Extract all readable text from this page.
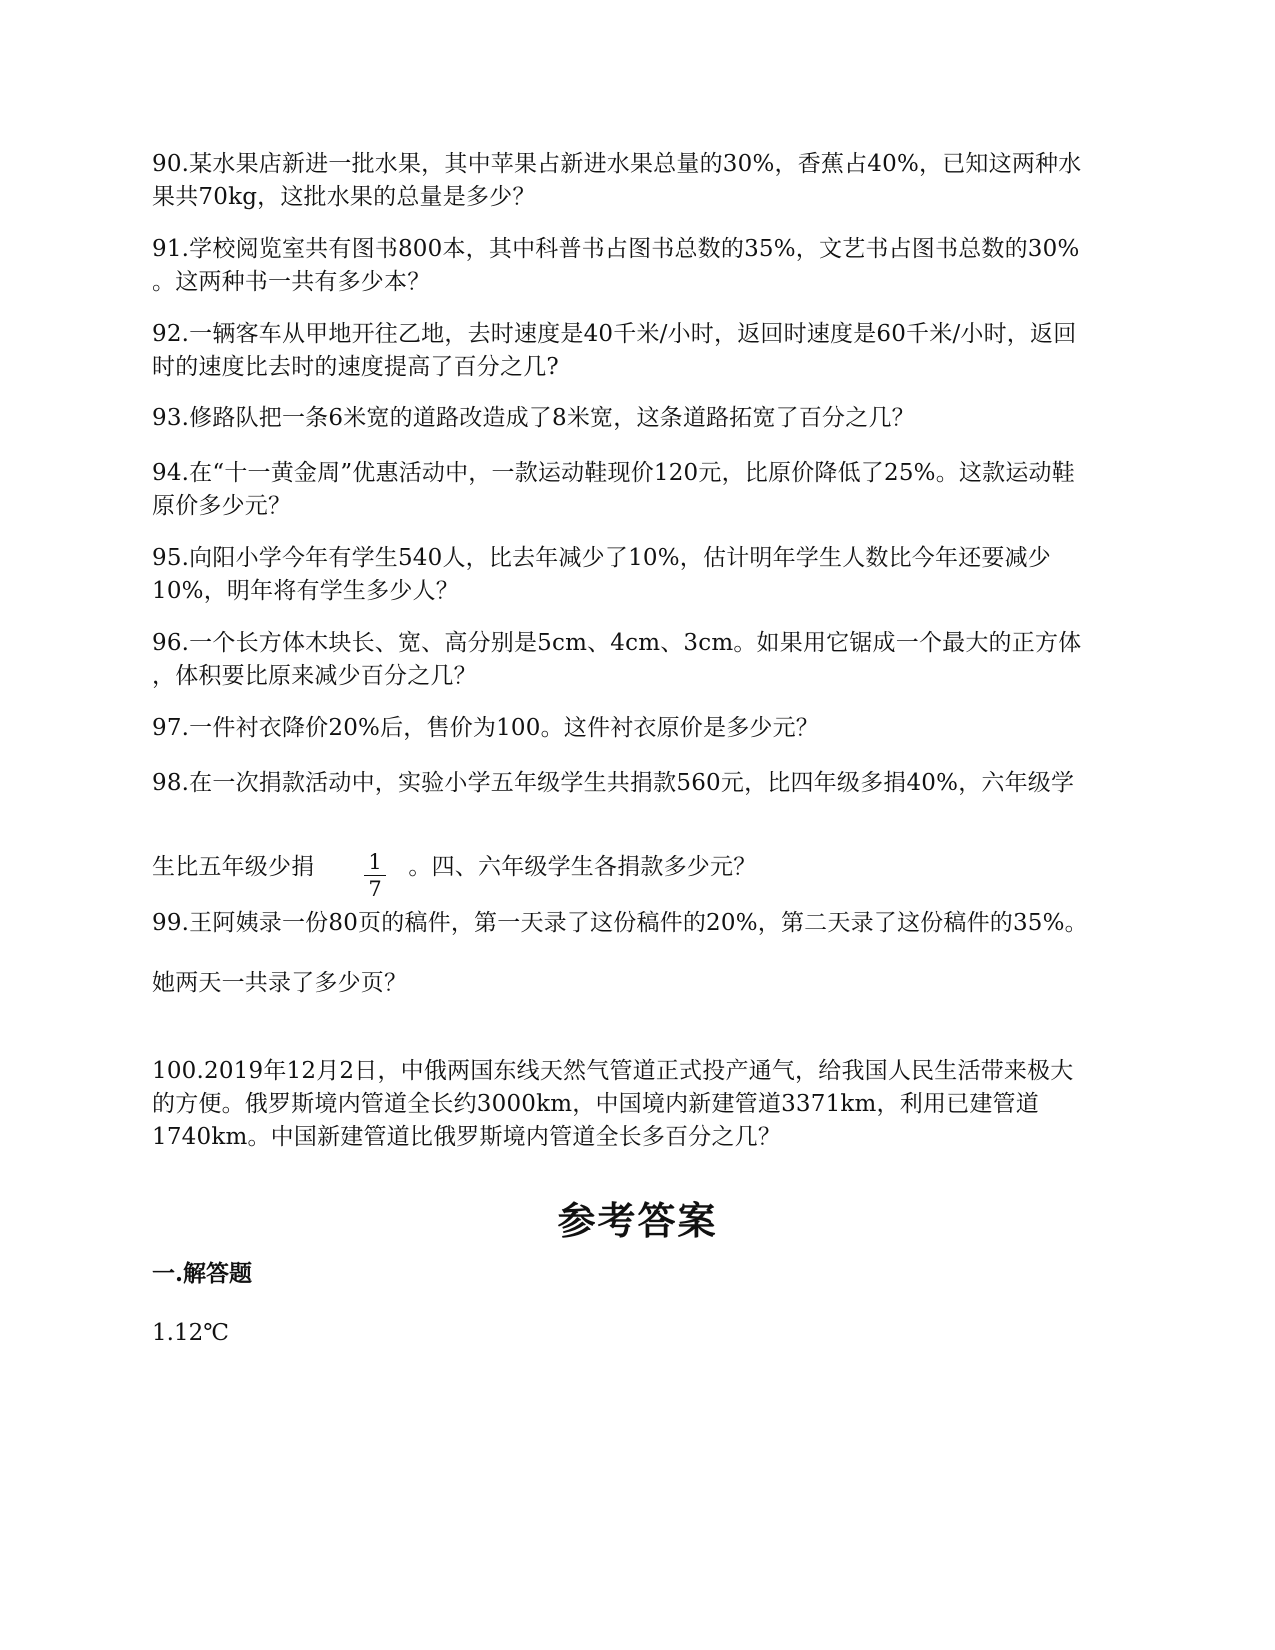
90.某水果店新进一批水果，其中苹果占新进水果总量的30%，香蕉占40%，已知这两种水
果共70kg，这批水果的总量是多少？
91.学校阅览室共有图书800本，其中科普书占图书总数的35%，文艺书占图书总数的30%
。这两种书一共有多少本？
92.一辆客车从甲地开往乙地，去时速度是40千米/小时，返回时速度是60千米/小时，返回
时的速度比去时的速度提高了百分之几?
93.修路队把一条6米宽的道路改造成了8米宽，这条道路拓宽了百分之几？
94.在“十一黄金周”优惠活动中，一款运动鞋现价120元，比原价降低了25%。这款运动鞋
原价多少元？
95.向阳小学今年有学生540人，比去年减少了10%，估计明年学生人数比今年还要减少
10%，明年将有学生多少人？
96.一个长方体木块长、宽、高分别是5cm、4cm、3cm。如果用它锯成一个最大的正方体
，体积要比原来减少百分之几？
97.一件衬衣降价20%后，售价为100。这件衬衣原价是多少元？
98.在一次捐款活动中，实验小学五年级学生共捐款560元，比四年级多捐40%，六年级学
1
7
生比五年级少捐	。四、六年级学生各捐款多少元？
99.王阿姨录一份80页的稿件，第一天录了这份稿件的20%，第二天录了这份稿件的35%。
她两天一共录了多少页？
100.2019年12月2日，中俄两国东线天然气管道正式投产通气，给我国人民生活带来极大
的方便。俄罗斯境内管道全长约3000km，中国境内新建管道3371km，利用已建管道
1740km。中国新建管道比俄罗斯境内管道全长多百分之几？
参考答案
一.解答题

1.12℃
